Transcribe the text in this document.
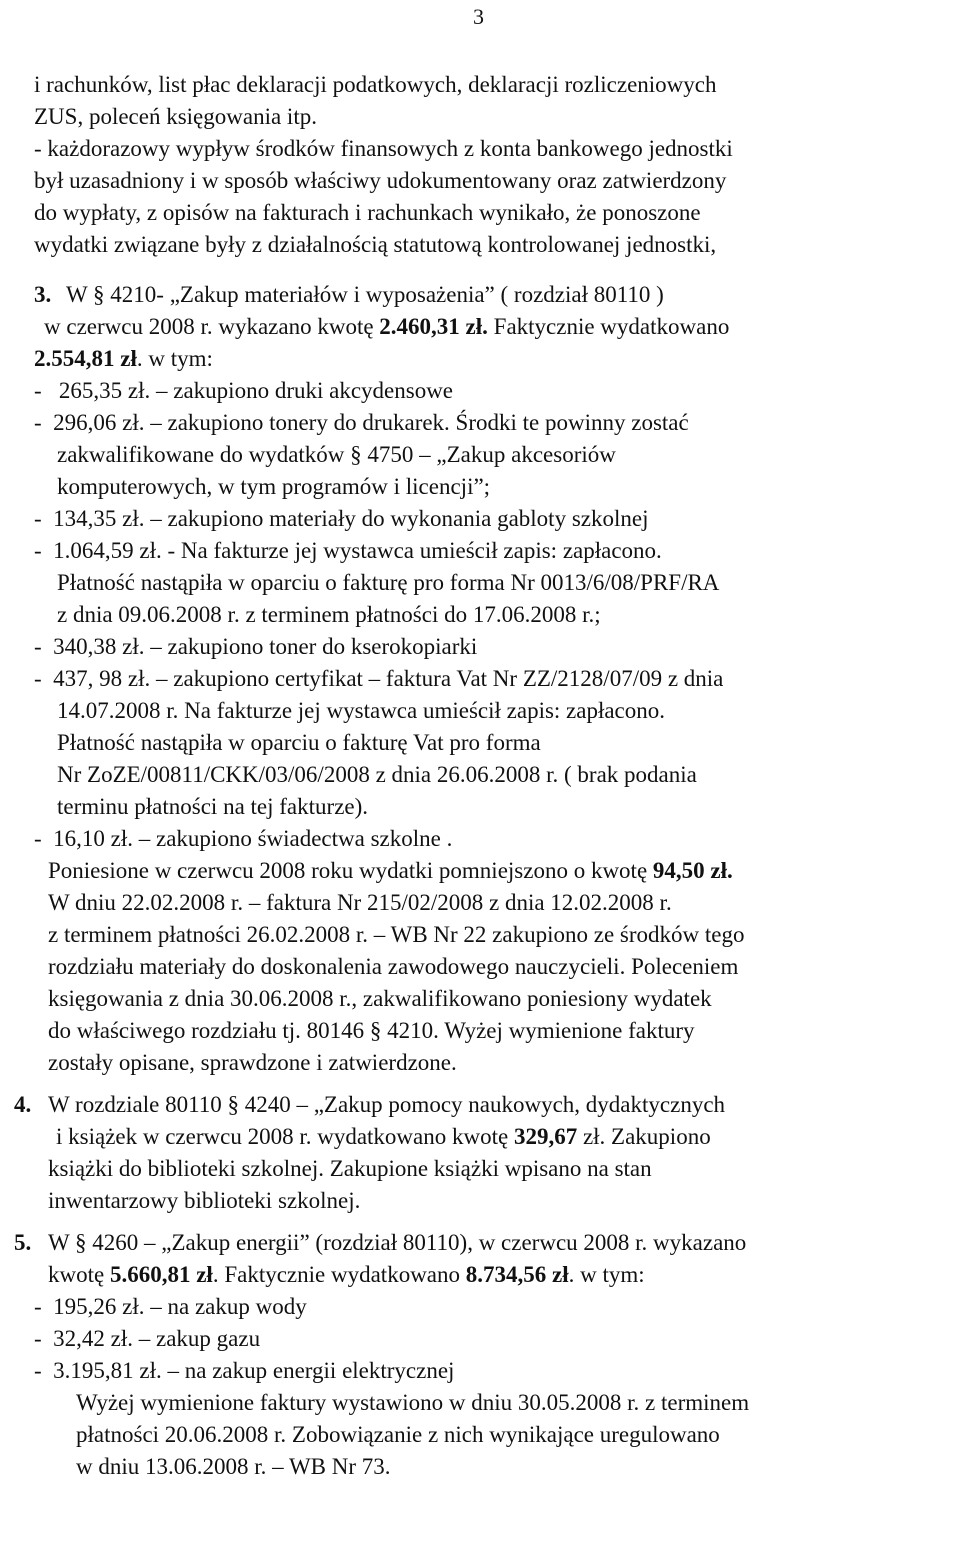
3
i rachunków, list płac deklaracji podatkowych, deklaracji rozliczeniowych
ZUS, poleceń księgowania itp.
- każdorazowy wypływ środków finansowych z konta bankowego jednostki
był uzasadniony i w sposób właściwy udokumentowany oraz zatwierdzony
do wypłaty, z opisów na fakturach i rachunkach wynikało, że ponoszone
wydatki związane były z działalnością statutową kontrolowanej jednostki,
3. W § 4210- „Zakup materiałów i wyposażenia” ( rozdział 80110 )
w czerwcu 2008 r. wykazano kwotę 2.460,31 zł. Faktycznie wydatkowano
2.554,81 zł. w tym:
-   265,35 zł. – zakupiono druki akcydensowe
-  296,06 zł. – zakupiono tonery do drukarek. Środki te powinny zostać
zakwalifikowane do wydatków § 4750 – „Zakup akcesoriów
komputerowych, w tym programów i licencji”;
-  134,35 zł. – zakupiono materiały do wykonania gabloty szkolnej
-  1.064,59 zł. - Na fakturze jej wystawca umieścił zapis: zapłacono.
Płatność nastąpiła w oparciu o fakturę pro forma Nr 0013/6/08/PRF/RA
z dnia 09.06.2008 r. z terminem płatności do 17.06.2008 r.;
-  340,38 zł. – zakupiono toner do kserokopiarki
-  437, 98 zł. – zakupiono certyfikat – faktura Vat Nr ZZ/2128/07/09 z dnia
14.07.2008 r. Na fakturze jej wystawca umieścił zapis: zapłacono.
Płatność nastąpiła w oparciu o fakturę Vat pro forma
Nr ZoZE/00811/CKK/03/06/2008 z dnia 26.06.2008 r. ( brak podania
terminu płatności na tej fakturze).
-  16,10 zł. – zakupiono świadectwa szkolne .
Poniesione w czerwcu 2008 roku wydatki pomniejszono o kwotę 94,50 zł.
W dniu 22.02.2008 r. – faktura Nr 215/02/2008 z dnia 12.02.2008 r.
z terminem płatności 26.02.2008 r. – WB Nr 22 zakupiono ze środków tego
rozdziału materiały do doskonalenia zawodowego nauczycieli. Poleceniem
księgowania z dnia 30.06.2008 r., zakwalifikowano poniesiony wydatek
do właściwego rozdziału tj. 80146 § 4210. Wyżej wymienione faktury
zostały opisane, sprawdzone i zatwierdzone.
4. W rozdziale 80110 § 4240 – „Zakup pomocy naukowych, dydaktycznych
i książek w czerwcu 2008 r. wydatkowano kwotę 329,67 zł. Zakupiono
książki do biblioteki szkolnej. Zakupione książki wpisano na stan
inwentarzowy biblioteki szkolnej.
5. W § 4260 – „Zakup energii” (rozdział 80110), w czerwcu 2008 r. wykazano
kwotę 5.660,81 zł. Faktycznie wydatkowano 8.734,56 zł. w tym:
-  195,26 zł. – na zakup wody
-  32,42 zł. – zakup gazu
-  3.195,81 zł. – na zakup energii elektrycznej
Wyżej wymienione faktury wystawiono w dniu 30.05.2008 r. z terminem
płatności 20.06.2008 r. Zobowiązanie z nich wynikające uregulowano
w dniu 13.06.2008 r. – WB Nr 73.
